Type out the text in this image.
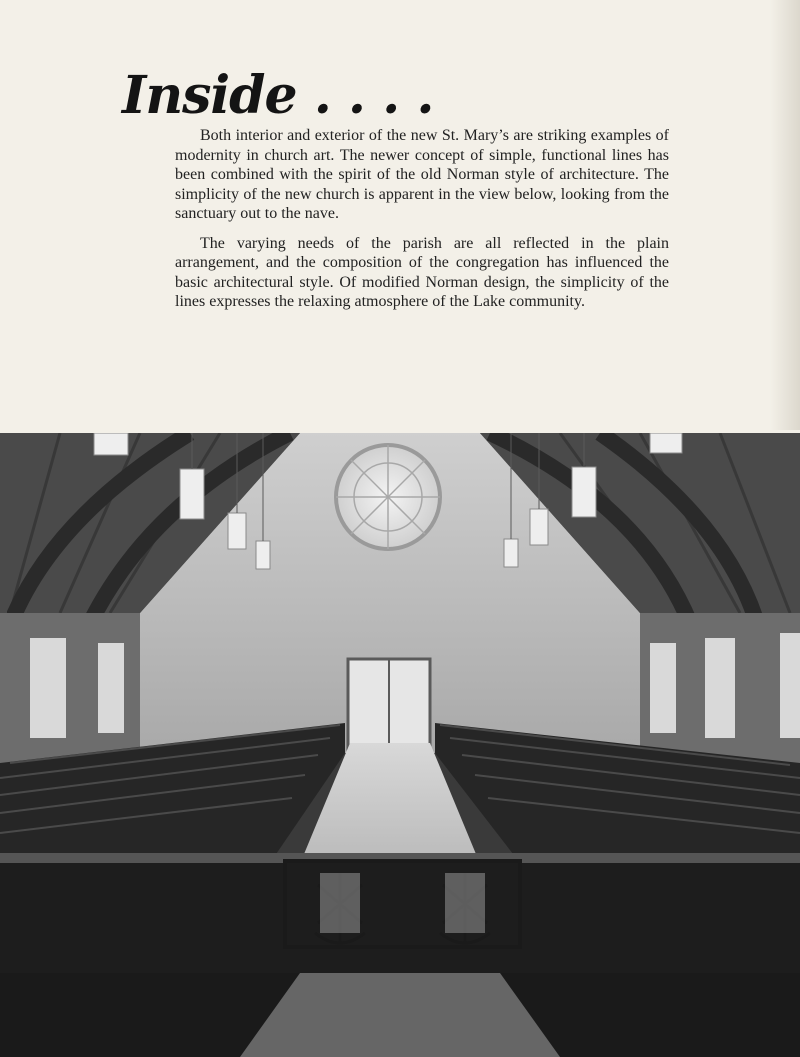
Inside . . . .

Both interior and exterior of the new St. Mary’s are striking examples of modernity in church art. The newer concept of simple, functional lines has been combined with the spirit of the old Norman style of architecture. The simplicity of the new church is apparent in the view below, looking from the sanctuary out to the nave.

The varying needs of the parish are all reflected in the plain arrangement, and the composition of the congregation has influenced the basic architectural style. Of modified Norman design, the simplicity of the lines expresses the relaxing atmosphere of the Lake community.
